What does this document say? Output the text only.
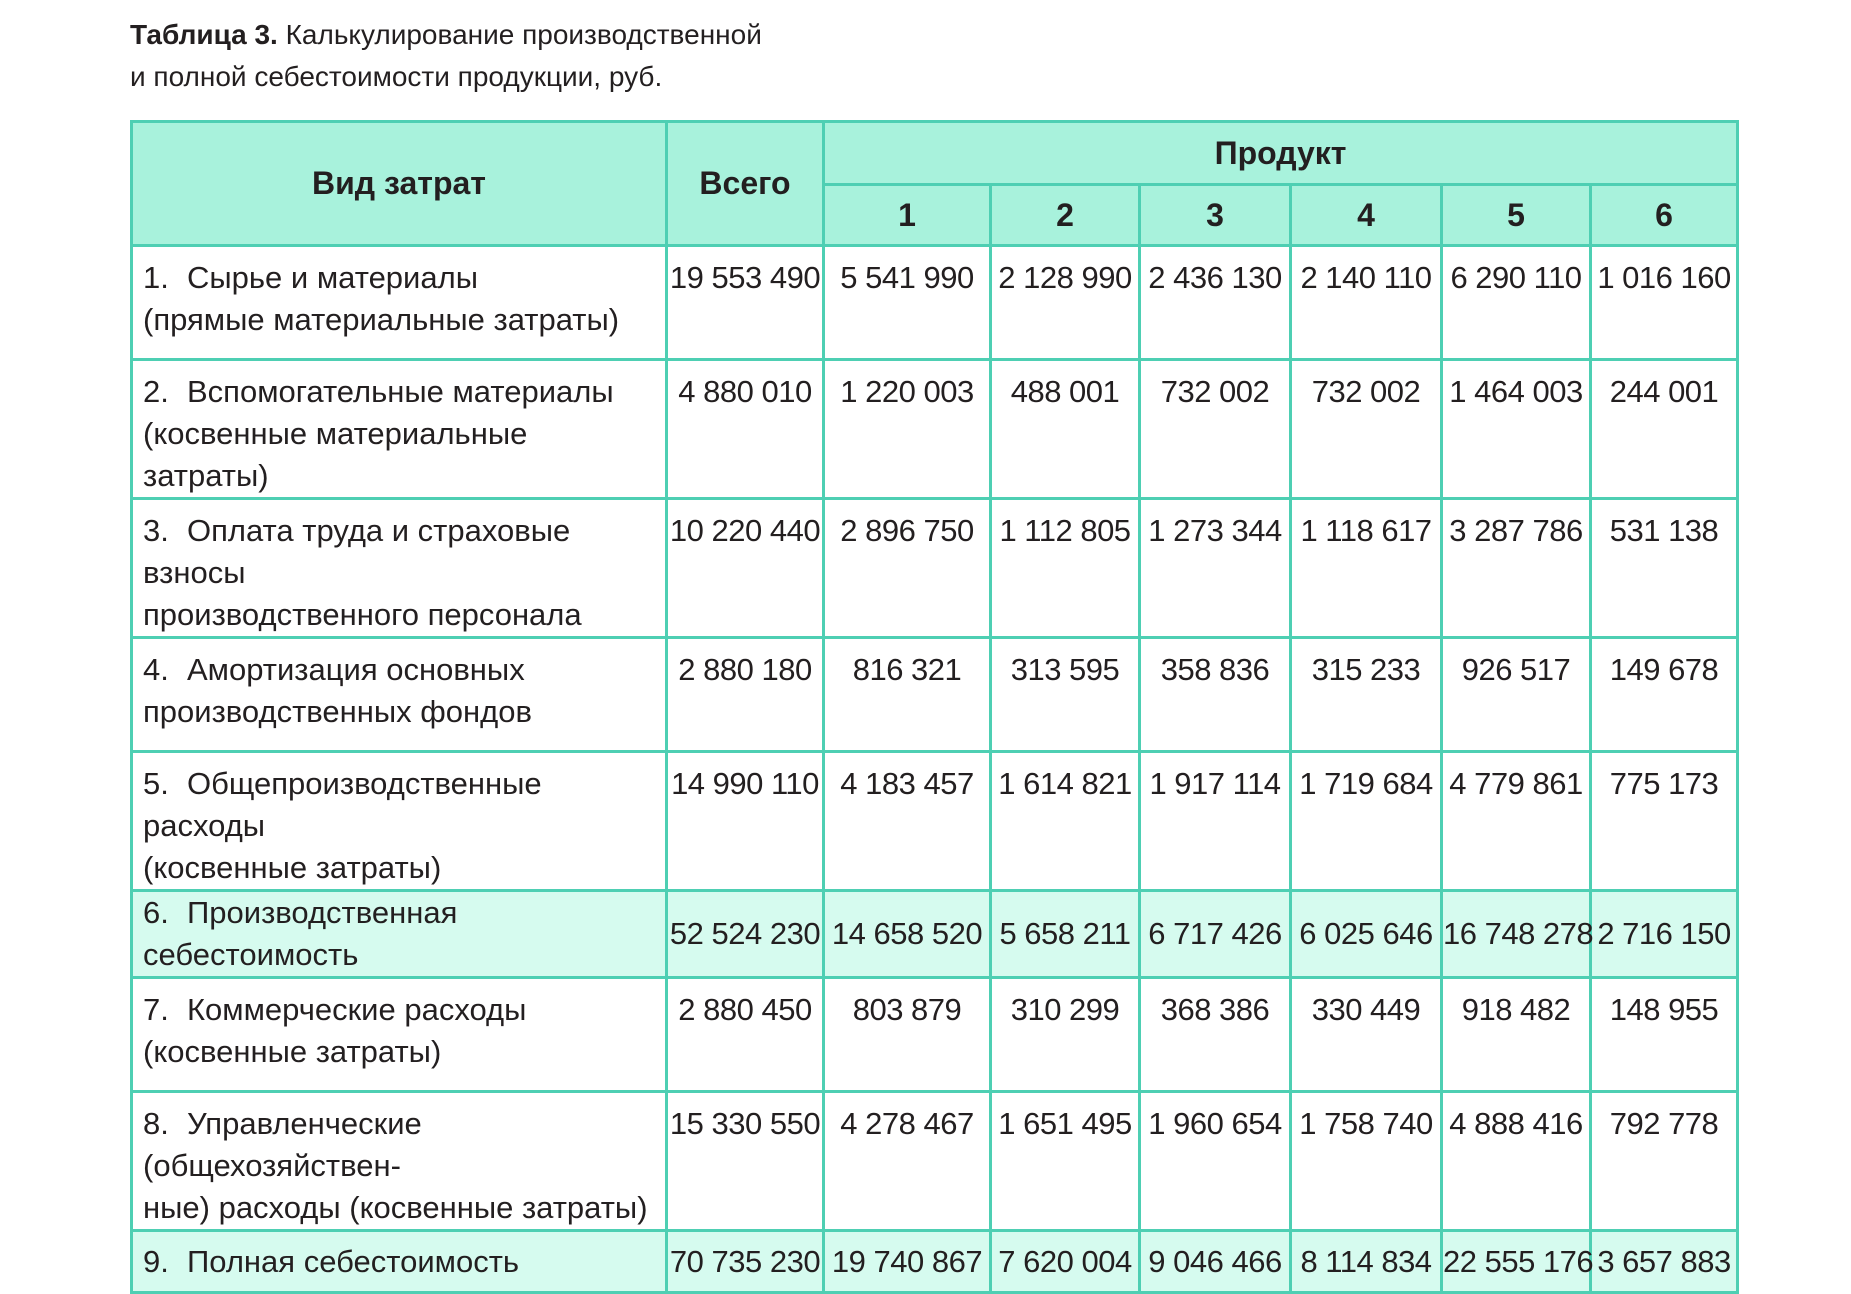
Таблица 3. Калькулирование производственной
и полной себестоимости продукции, руб.
Вид затрат	Всего	Продукт					
		1	2	3	4	5	6
1. Сырье и материалы
(прямые материальные затраты)	19 553 490	5 541 990	2 128 990	2 436 130	2 140 110	6 290 110	1 016 160
2. Вспомогательные материалы
(косвенные материальные затраты)	4 880 010	1 220 003	488 001	732 002	732 002	1 464 003	244 001
3. Оплата труда и страховые взносы
производственного персонала	10 220 440	2 896 750	1 112 805	1 273 344	1 118 617	3 287 786	531 138
4. Амортизация основных
производственных фондов	2 880 180	816 321	313 595	358 836	315 233	926 517	149 678
5. Общепроизводственные расходы
(косвенные затраты)	14 990 110	4 183 457	1 614 821	1 917 114	1 719 684	4 779 861	775 173
6. Производственная себестоимость	52 524 230	14 658 520	5 658 211	6 717 426	6 025 646	16 748 278	2 716 150
7. Коммерческие расходы
(косвенные затраты)	2 880 450	803 879	310 299	368 386	330 449	918 482	148 955
8. Управленческие (общехозяйствен-
ные) расходы (косвенные затраты)	15 330 550	4 278 467	1 651 495	1 960 654	1 758 740	4 888 416	792 778
9. Полная себестоимость	70 735 230	19 740 867	7 620 004	9 046 466	8 114 834	22 555 176	3 657 883
